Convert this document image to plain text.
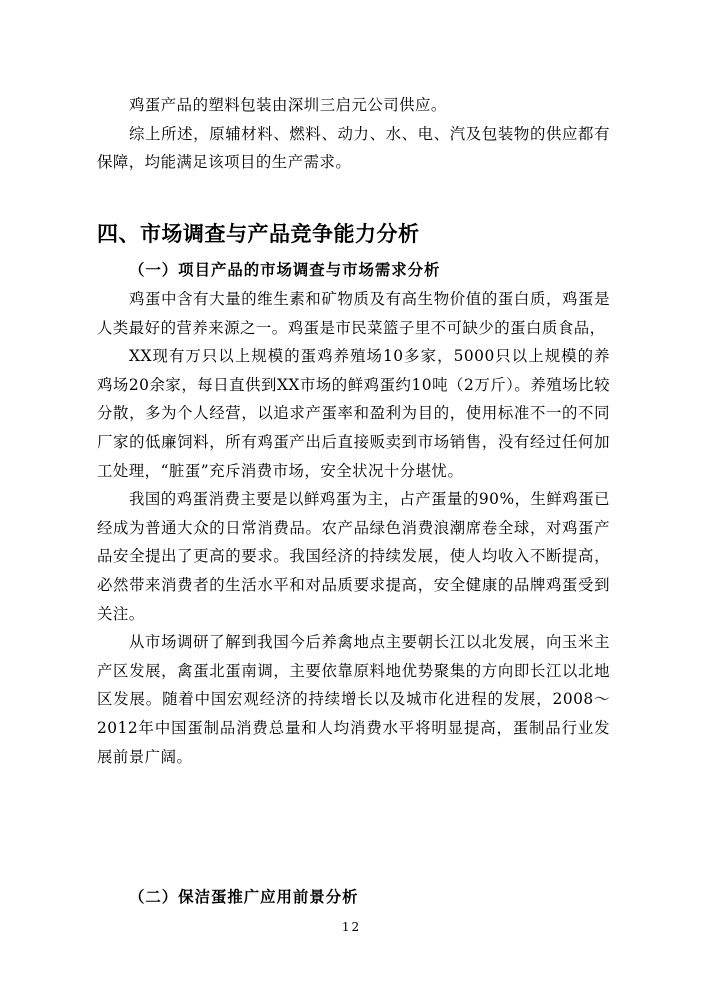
鸡蛋产品的塑料包装由深圳三启元公司供应。

综上所述，原辅材料、燃料、动力、水、电、汽及包装物的供应都有保障，均能满足该项目的生产需求。

四、市场调查与产品竞争能力分析
（一）项目产品的市场调查与市场需求分析

鸡蛋中含有大量的维生素和矿物质及有高生物价值的蛋白质，鸡蛋是人类最好的营养来源之一。鸡蛋是市民菜篮子里不可缺少的蛋白质食品，

XX现有万只以上规模的蛋鸡养殖场10多家，5000只以上规模的养鸡场20余家，每日直供到XX市场的鲜鸡蛋约10吨（2万斤）。养殖场比较分散，多为个人经营，以追求产蛋率和盈利为目的，使用标准不一的不同厂家的低廉饲料，所有鸡蛋产出后直接贩卖到市场销售，没有经过任何加工处理，“脏蛋”充斥消费市场，安全状况十分堪忧。

我国的鸡蛋消费主要是以鲜鸡蛋为主，占产蛋量的90%，生鲜鸡蛋已经成为普通大众的日常消费品。农产品绿色消费浪潮席卷全球，对鸡蛋产品安全提出了更高的要求。我国经济的持续发展，使人均收入不断提高，必然带来消费者的生活水平和对品质要求提高，安全健康的品牌鸡蛋受到关注。

从市场调研了解到我国今后养禽地点主要朝长江以北发展，向玉米主产区发展，禽蛋北蛋南调，主要依靠原料地优势聚集的方向即长江以北地区发展。随着中国宏观经济的持续增长以及城市化进程的发展，2008～2012年中国蛋制品消费总量和人均消费水平将明显提高，蛋制品行业发展前景广阔。

（二）保洁蛋推广应用前景分析
12
